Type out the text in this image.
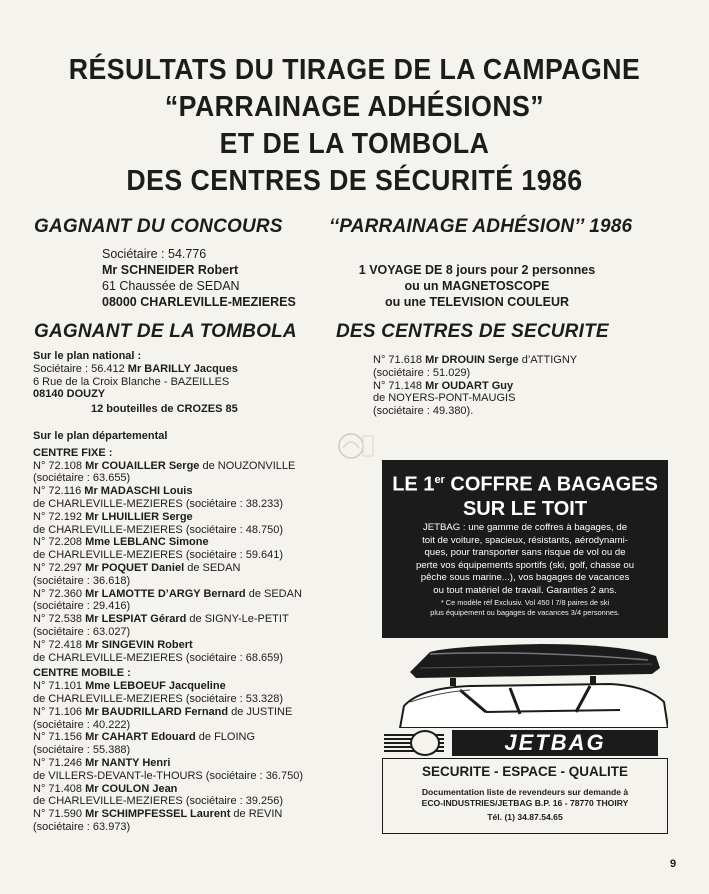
RÉSULTATS DU TIRAGE DE LA CAMPAGNE
“PARRAINAGE ADHÉSIONS”
ET DE LA TOMBOLA
DES CENTRES DE SÉCURITÉ 1986
GAGNANT DU CONCOURS ‘‘PARRAINAGE ADHÉSION’’ 1986
Sociétaire : 54.776
Mr SCHNEIDER Robert
61 Chaussée de SEDAN
08000 CHARLEVILLE-MEZIERES
1 VOYAGE DE 8 jours pour 2 personnes
ou un MAGNETOSCOPE
ou une TELEVISION COULEUR
GAGNANT DE LA TOMBOLA DES CENTRES DE SECURITE
Sur le plan national :
Sociétaire : 56.412 Mr BARILLY Jacques
6 Rue de la Croix Blanche - BAZEILLES
08140 DOUZY
12 bouteilles de CROZES 85
N° 71.618 Mr DROUIN Serge d’ATTIGNY
(sociétaire : 51.029)
N° 71.148 Mr OUDART Guy
de NOYERS-PONT-MAUGIS
(sociétaire : 49.380).
Sur le plan départemental
CENTRE FIXE :
N° 72.108 Mr COUAILLER Serge de NOUZONVILLE
(sociétaire : 63.655)
N° 72.116 Mr MADASCHI Louis
de CHARLEVILLE-MEZIERES (sociétaire : 38.233)
N° 72.192 Mr LHUILLIER Serge
de CHARLEVILLE-MEZIERES (sociétaire : 48.750)
N° 72.208 Mme LEBLANC Simone
de CHARLEVILLE-MEZIERES (sociétaire : 59.641)
N° 72.297 Mr POQUET Daniel de SEDAN
(sociétaire : 36.618)
N° 72.360 Mr LAMOTTE D’ARGY Bernard de SEDAN
(sociétaire : 29.416)
N° 72.538 Mr LESPIAT Gérard de SIGNY-Le-PETIT
(sociétaire : 63.027)
N° 72.418 Mr SINGEVIN Robert
de CHARLEVILLE-MEZIERES (sociétaire : 68.659)
CENTRE MOBILE :
N° 71.101 Mme LEBOEUF Jacqueline
de CHARLEVILLE-MEZIERES (sociétaire : 53.328)
N° 71.106 Mr BAUDRILLARD Fernand de JUSTINE
(sociétaire : 40.222)
N° 71.156 Mr CAHART Edouard de FLOING
(sociétaire : 55.388)
N° 71.246 Mr NANTY Henri
de VILLERS-DEVANT-le-THOURS (sociétaire : 36.750)
N° 71.408 Mr COULON Jean
de CHARLEVILLE-MEZIERES (sociétaire : 39.256)
N° 71.590 Mr SCHIMPFESSEL Laurent de REVIN
(sociétaire : 63.973)
LE 1er COFFRE A BAGAGES
SUR LE TOIT
JETBAG : une gamme de coffres à bagages, de
toit de voiture, spacieux, résistants, aérodynami-
ques, pour transporter sans risque de vol ou de
perte vos équipements sportifs (ski, golf, chasse ou
pêche sous marine...), vos bagages de vacances
ou tout matériel de travail. Garanties 2 ans.
* Ce modèle réf Exclusiv. Vol 450 l 7/8 paires de ski
plus équipement ou bagages de vacances 3/4 personnes.
JETBAG
SECURITE - ESPACE - QUALITE
Documentation liste de revendeurs sur demande à
ECO-INDUSTRIES/JETBAG B.P. 16 - 78770 THOIRY
Tél. (1) 34.87.54.65
9
